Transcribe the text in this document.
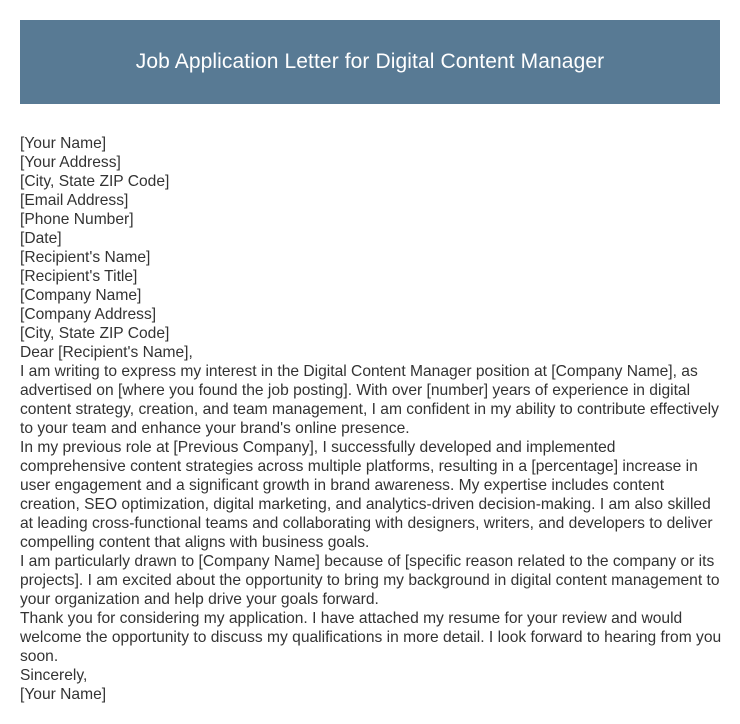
Job Application Letter for Digital Content Manager
[Your Name]
[Your Address]
[City, State ZIP Code]
[Email Address]
[Phone Number]
[Date]
[Recipient's Name]
[Recipient's Title]
[Company Name]
[Company Address]
[City, State ZIP Code]
Dear [Recipient's Name],

I am writing to express my interest in the Digital Content Manager position at [Company Name], as advertised on [where you found the job posting]. With over [number] years of experience in digital content strategy, creation, and team management, I am confident in my ability to contribute effectively to your team and enhance your brand's online presence.

In my previous role at [Previous Company], I successfully developed and implemented comprehensive content strategies across multiple platforms, resulting in a [percentage] increase in user engagement and a significant growth in brand awareness. My expertise includes content creation, SEO optimization, digital marketing, and analytics-driven decision-making. I am also skilled at leading cross-functional teams and collaborating with designers, writers, and developers to deliver compelling content that aligns with business goals.

I am particularly drawn to [Company Name] because of [specific reason related to the company or its projects]. I am excited about the opportunity to bring my background in digital content management to your organization and help drive your goals forward.

Thank you for considering my application. I have attached my resume for your review and would welcome the opportunity to discuss my qualifications in more detail. I look forward to hearing from you soon.

Sincerely,
[Your Name]
